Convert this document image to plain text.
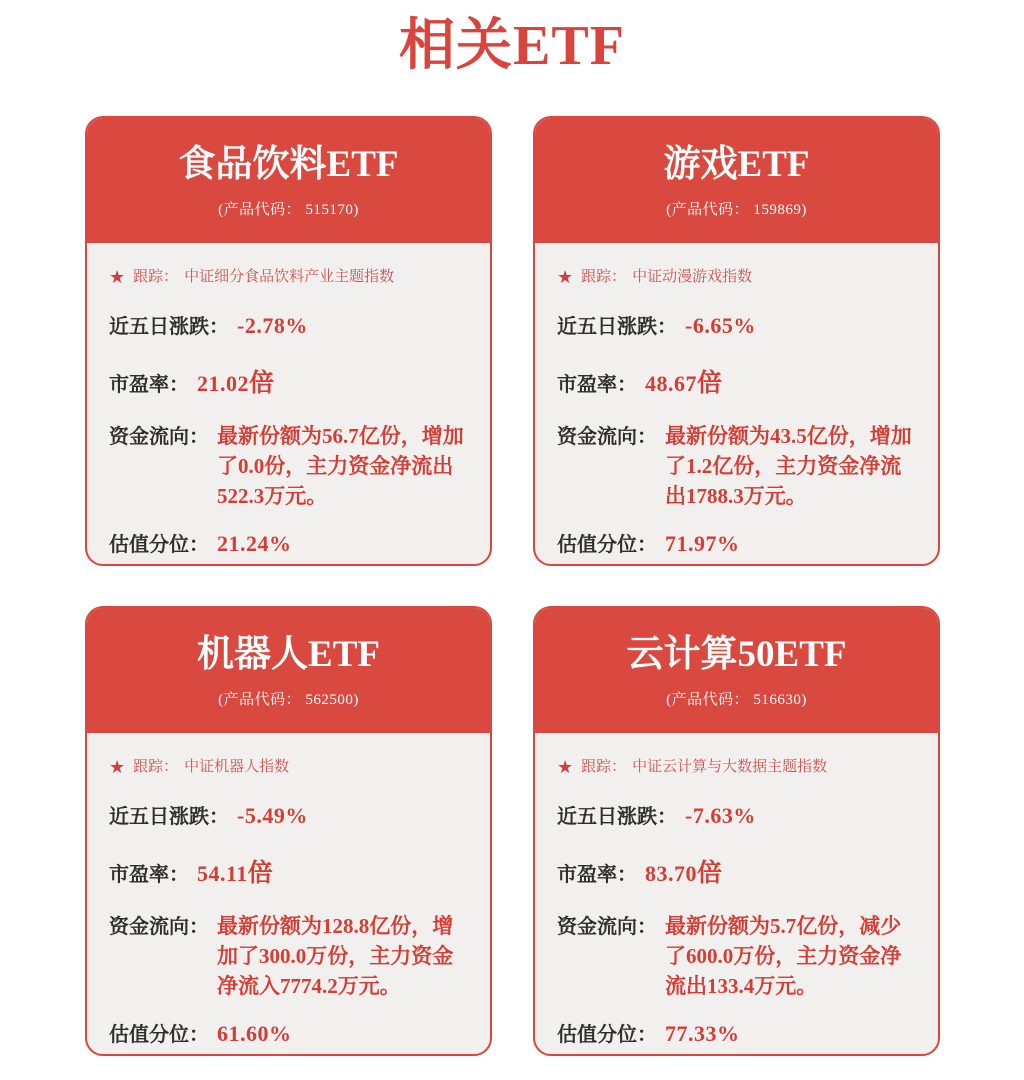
相关ETF
食品饮料ETF
(产品代码： 515170)
★ 跟踪： 中证细分食品饮料产业主题指数
近五日涨跌： -2.78%
市盈率： 21.02 倍
资金流向： 最新份额为56.7亿份，增加了0.0份，主力资金净流出522.3万元。
估值分位： 21.24%
游戏ETF
(产品代码： 159869)
★ 跟踪： 中证动漫游戏指数
近五日涨跌： -6.65%
市盈率： 48.67 倍
资金流向： 最新份额为43.5亿份，增加了1.2亿份，主力资金净流出1788.3万元。
估值分位： 71.97%
机器人ETF
(产品代码： 562500)
★ 跟踪： 中证机器人指数
近五日涨跌： -5.49%
市盈率： 54.11 倍
资金流向： 最新份额为128.8亿份，增加了300.0万份，主力资金净流入7774.2万元。
估值分位： 61.60%
云计算50ETF
(产品代码： 516630)
★ 跟踪： 中证云计算与大数据主题指数
近五日涨跌： -7.63%
市盈率： 83.70 倍
资金流向： 最新份额为5.7亿份，减少了600.0万份，主力资金净流出133.4万元。
估值分位： 77.33%
